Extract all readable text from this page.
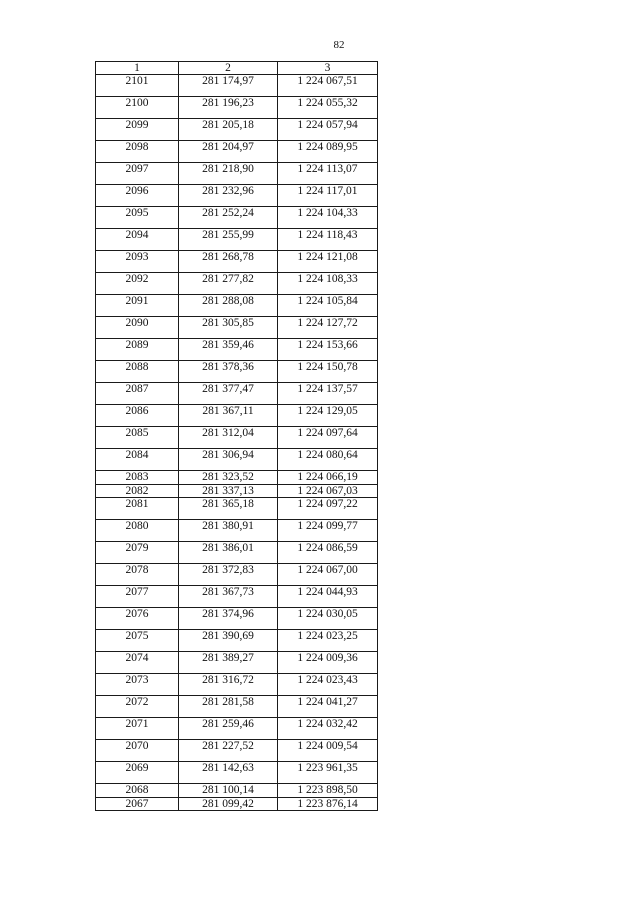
82
1	2	3
2101	281 174,97	1 224 067,51
2100	281 196,23	1 224 055,32
2099	281 205,18	1 224 057,94
2098	281 204,97	1 224 089,95
2097	281 218,90	1 224 113,07
2096	281 232,96	1 224 117,01
2095	281 252,24	1 224 104,33
2094	281 255,99	1 224 118,43
2093	281 268,78	1 224 121,08
2092	281 277,82	1 224 108,33
2091	281 288,08	1 224 105,84
2090	281 305,85	1 224 127,72
2089	281 359,46	1 224 153,66
2088	281 378,36	1 224 150,78
2087	281 377,47	1 224 137,57
2086	281 367,11	1 224 129,05
2085	281 312,04	1 224 097,64
2084	281 306,94	1 224 080,64
2083	281 323,52	1 224 066,19
2082	281 337,13	1 224 067,03
2081	281 365,18	1 224 097,22
2080	281 380,91	1 224 099,77
2079	281 386,01	1 224 086,59
2078	281 372,83	1 224 067,00
2077	281 367,73	1 224 044,93
2076	281 374,96	1 224 030,05
2075	281 390,69	1 224 023,25
2074	281 389,27	1 224 009,36
2073	281 316,72	1 224 023,43
2072	281 281,58	1 224 041,27
2071	281 259,46	1 224 032,42
2070	281 227,52	1 224 009,54
2069	281 142,63	1 223 961,35
2068	281 100,14	1 223 898,50
2067	281 099,42	1 223 876,14
